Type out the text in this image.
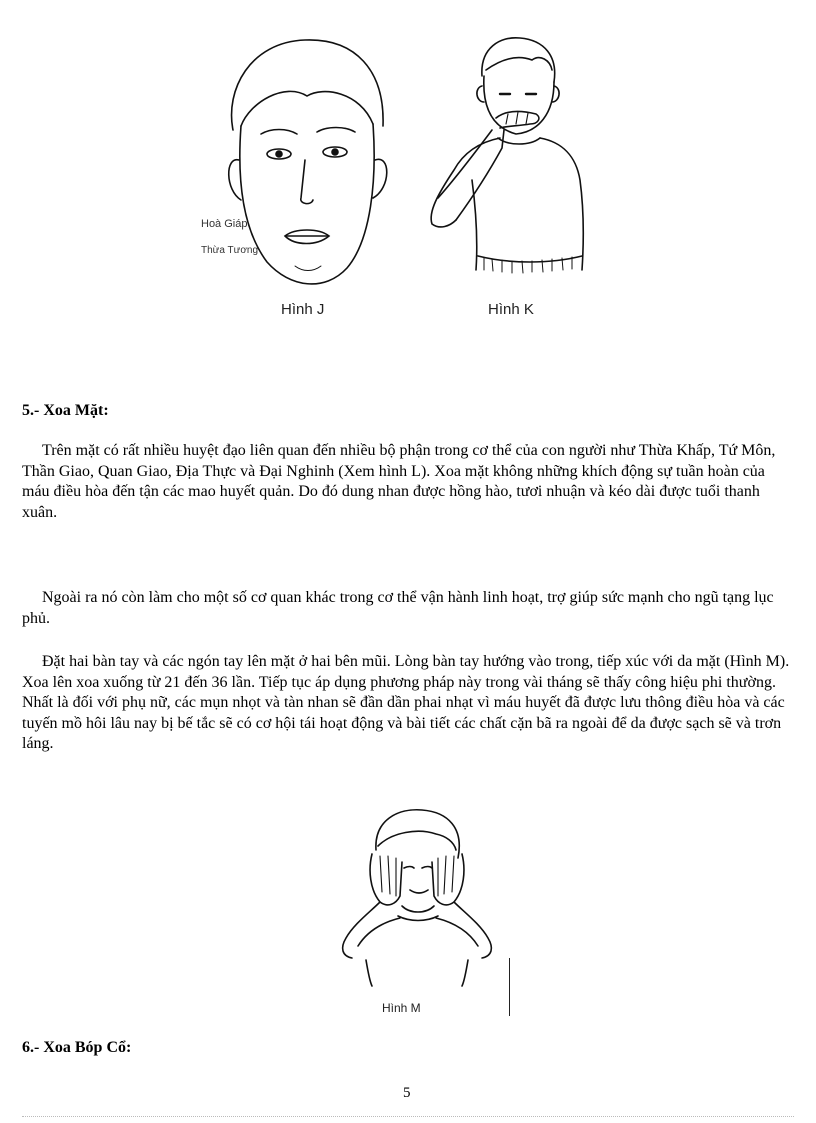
Hoà Giáp
Thừa Tương
Hình J	Hình K
5.- Xoa Mặt:

Trên mặt có rất nhiều huyệt đạo liên quan đến nhiều bộ phận trong cơ thể của con người như Thừa Khấp, Tứ Môn, Thần Giao, Quan Giao, Địa Thực và Đại Nghinh (Xem hình L). Xoa mặt không những khích động sự tuần hoàn của máu điều hòa đến tận các mao huyết quản. Do đó dung nhan được hồng hào, tươi nhuận và kéo dài được tuổi thanh xuân.

Ngoài ra nó còn làm cho một số cơ quan khác trong cơ thể vận hành linh hoạt, trợ giúp sức mạnh cho ngũ tạng lục phủ.

Đặt hai bàn tay và các ngón tay lên mặt ở hai bên mũi. Lòng bàn tay hướng vào trong, tiếp xúc với da mặt (Hình M). Xoa lên xoa xuống từ 21 đến 36 lần. Tiếp tục áp dụng phương pháp này trong vài tháng sẽ thấy công hiệu phi thường. Nhất là đối với phụ nữ, các mụn nhọt và tàn nhan sẽ đần dần phai nhạt vì máu huyết đã được lưu thông điều hòa và các tuyến mồ hôi lâu nay bị bế tắc sẽ có cơ hội tái hoạt động và bài tiết các chất cặn bã ra ngoài để da được sạch sẽ và trơn láng.

Hình M
6.- Xoa Bóp Cổ:
5
